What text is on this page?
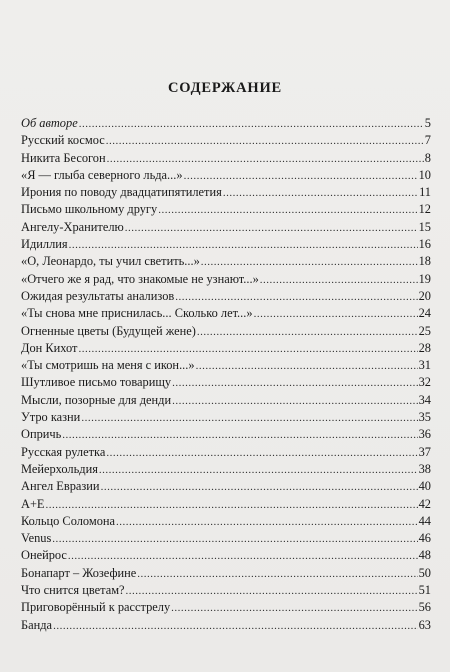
СОДЕРЖАНИЕ
Об авторе .....	5
Русский космос .....	7
Никита Бесогон .....	8
«Я — глыба северного льда...» .....	10
Ирония по поводу двадцатипятилетия .....	11
Письмо школьному другу .....	12
Ангелу-Хранителю .....	15
Идиллия .....	16
«О, Леонардо, ты учил светить...» .....	18
«Отчего же я рад, что знакомые не узнают...» .....	19
Ожидая результаты анализов .....	20
«Ты снова мне приснилась... Сколько лет...» .....	24
Огненные цветы (Будущей жене) .....	25
Дон Кихот .....	28
«Ты смотришь на меня с икон...» .....	31
Шутливое письмо товарищу .....	32
Мысли, позорные для денди .....	34
Утро казни .....	35
Опричь .....	36
Русская рулетка .....	37
Мейерхольдия .....	38
Ангел Евразии .....	40
А+Е .....	42
Кольцо Соломона .....	44
Venus .....	46
Онейрос .....	48
Бонапарт – Жозефине .....	50
Что снится цветам? .....	51
Приговорённый к расстрелу .....	56
Банда .....	63
